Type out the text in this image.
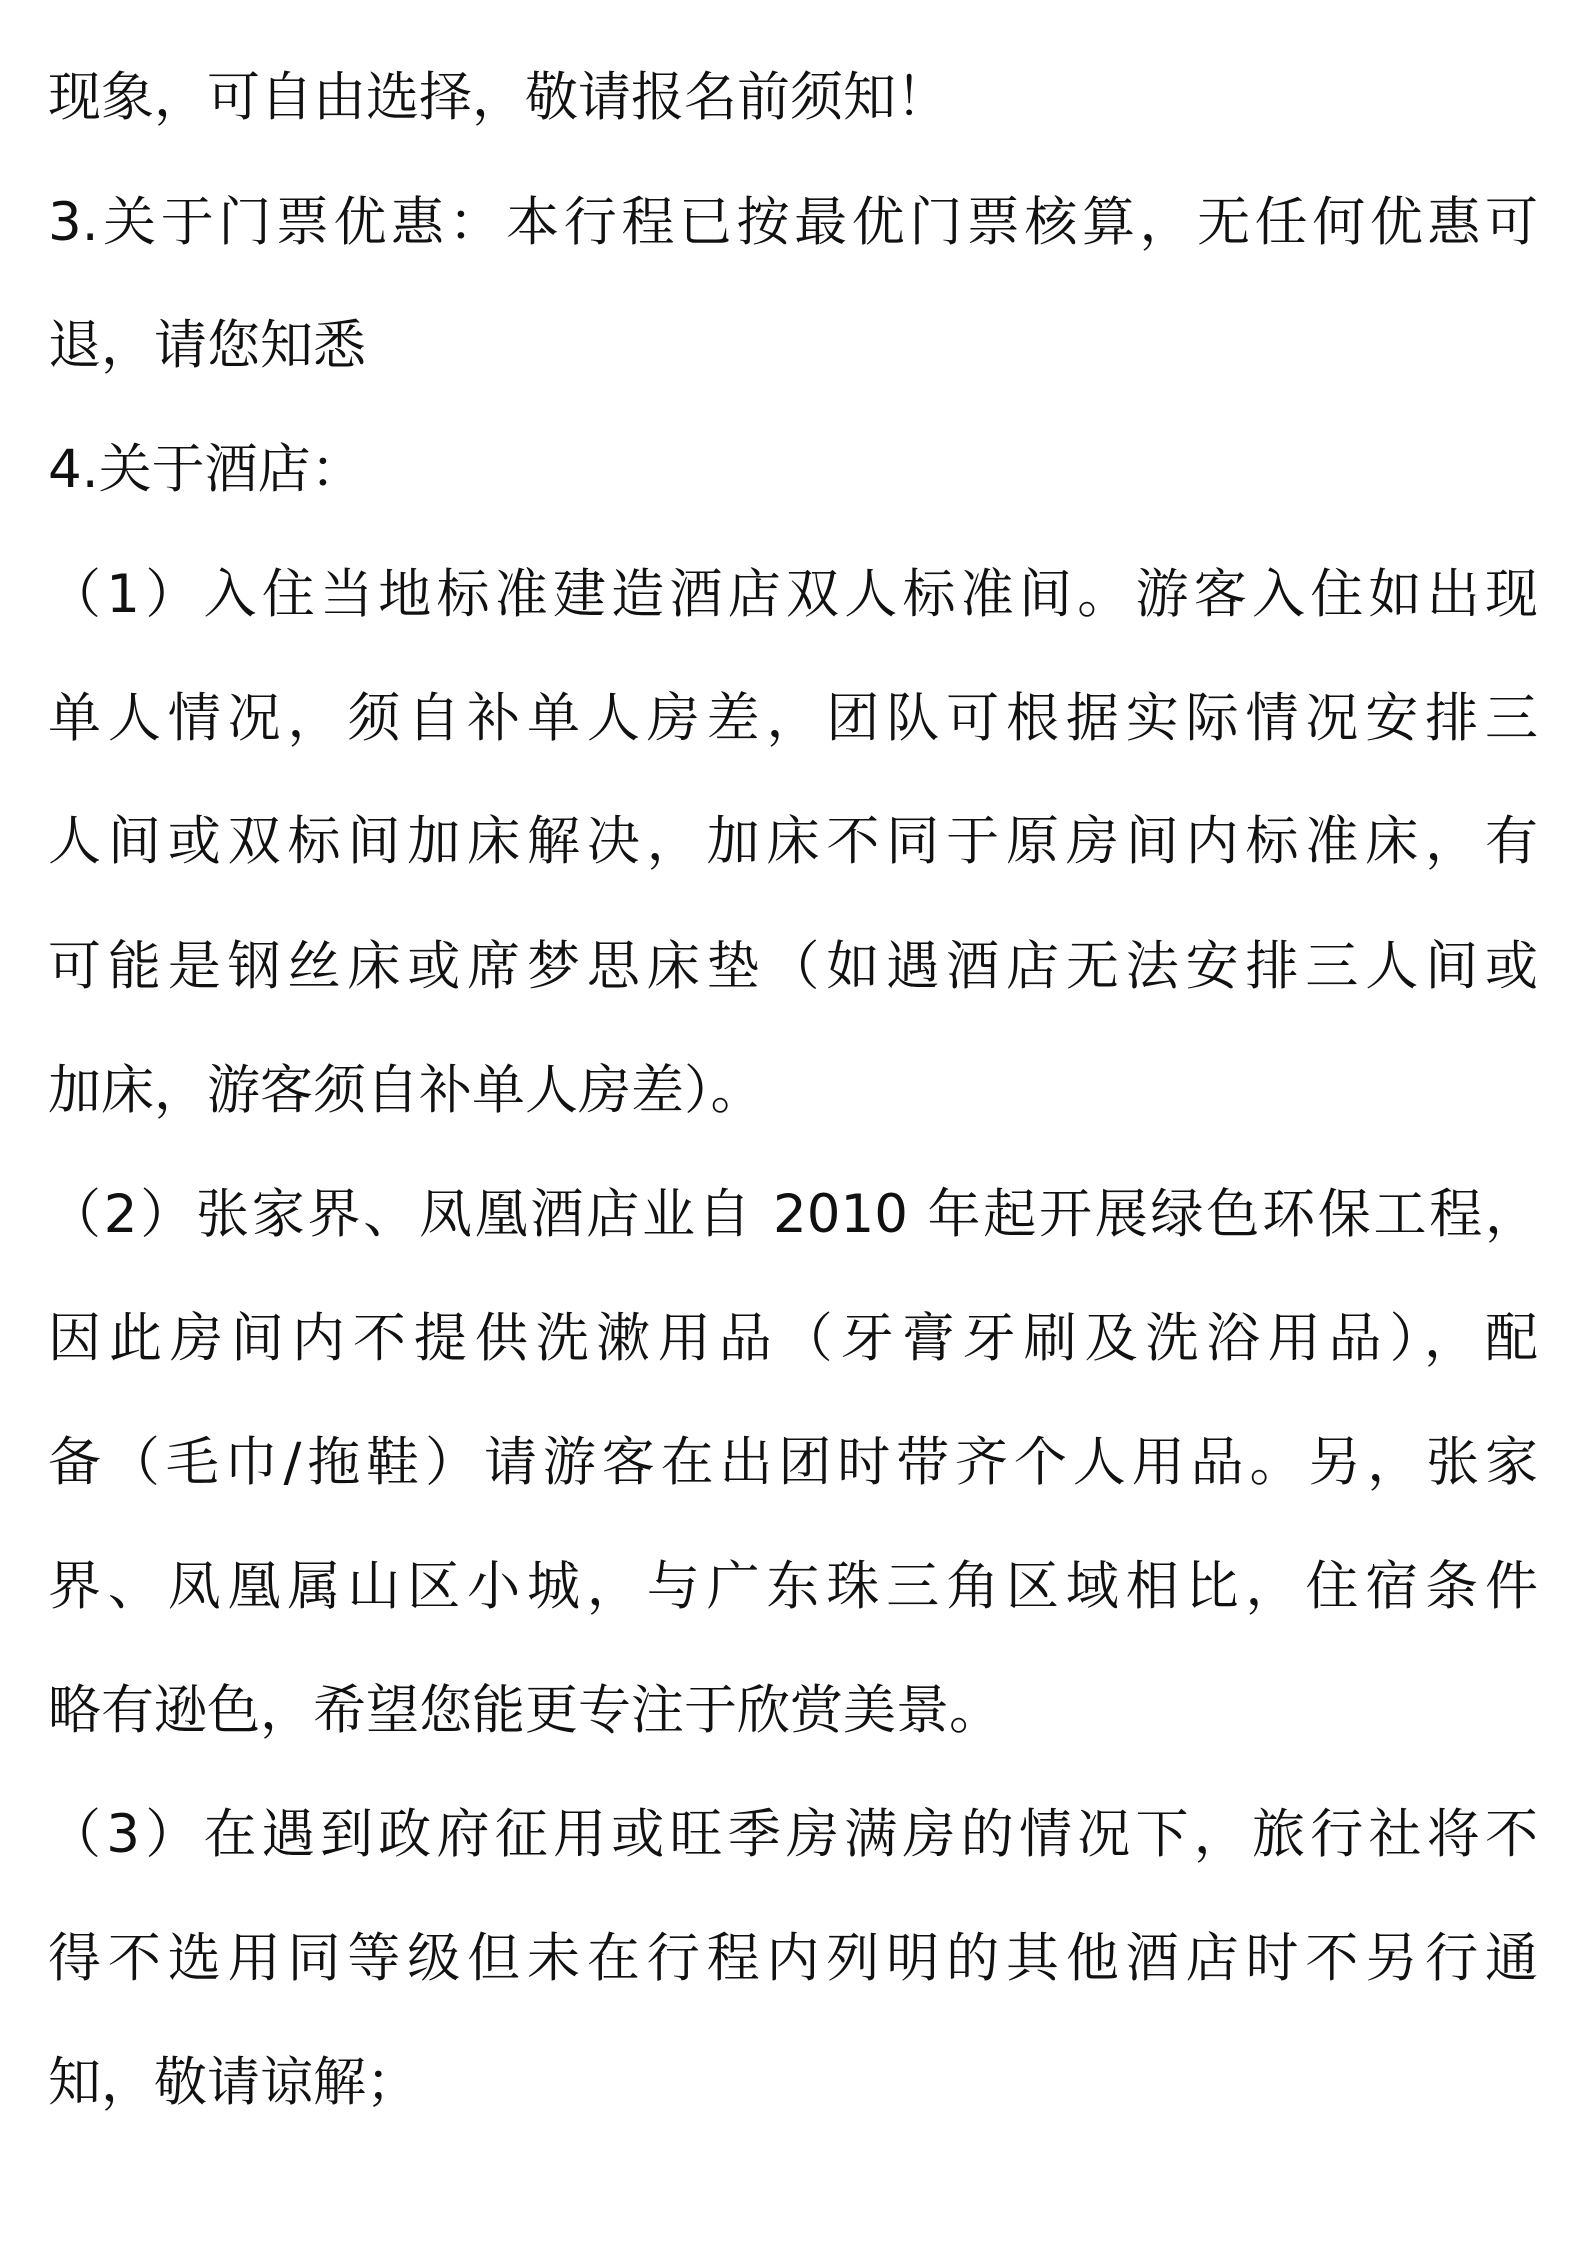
现象，可自由选择，敬请报名前须知！
3.关于门票优惠：本行程已按最优门票核算，无任何优惠可
退，请您知悉
4.关于酒店：
（1）入住当地标准建造酒店双人标准间。游客入住如出现
单人情况，须自补单人房差，团队可根据实际情况安排三
人间或双标间加床解决，加床不同于原房间内标准床，有
可能是钢丝床或席梦思床垫（如遇酒店无法安排三人间或
加床，游客须自补单人房差）。
（2）张家界、凤凰酒店业自 2010 年起开展绿色环保工程，
因此房间内不提供洗漱用品（牙膏牙刷及洗浴用品），配
备（毛巾/拖鞋）请游客在出团时带齐个人用品。另，张家
界、凤凰属山区小城，与广东珠三角区域相比，住宿条件
略有逊色，希望您能更专注于欣赏美景。
（3）在遇到政府征用或旺季房满房的情况下，旅行社将不
得不选用同等级但未在行程内列明的其他酒店时不另行通
知，敬请谅解；
